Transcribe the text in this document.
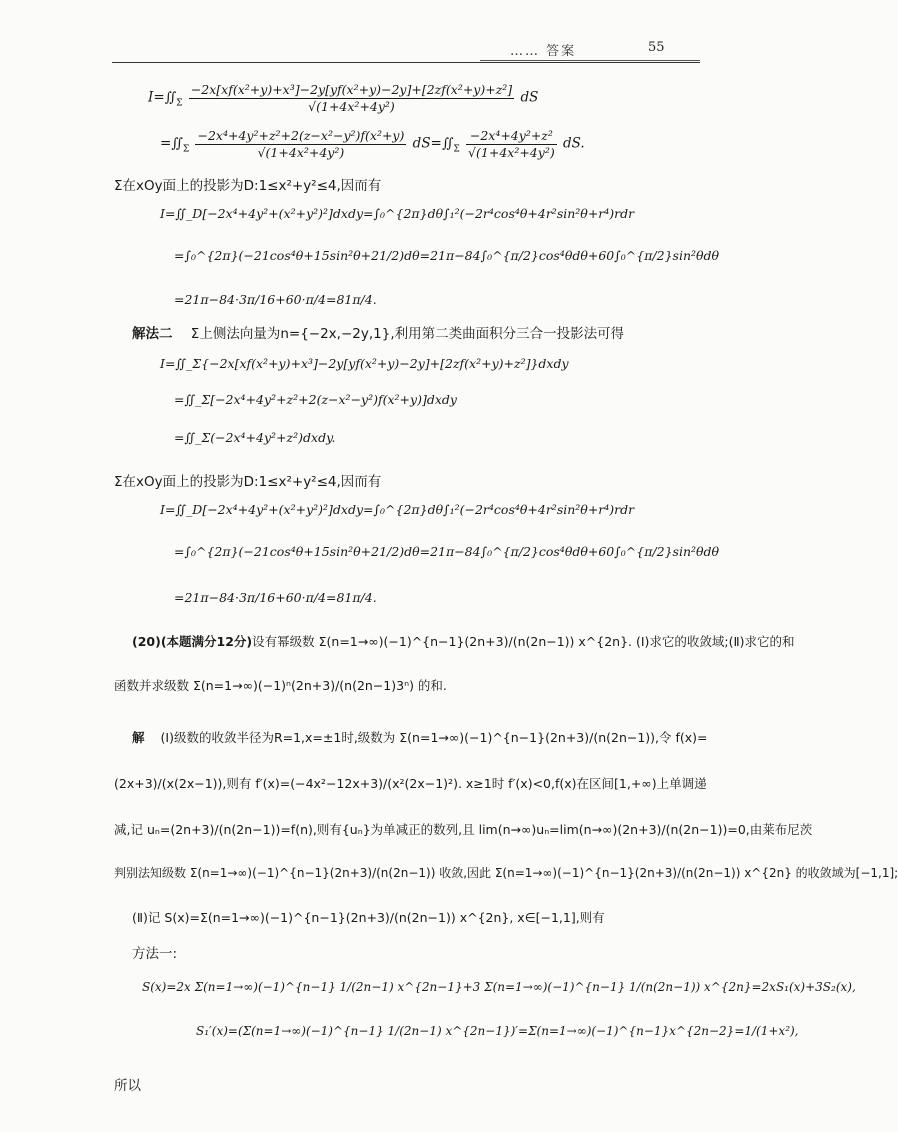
…… 答案	55
$I=∬_\Sigma \frac{\text{−2x[xf(x²+y)+x³]−2y[yf(x²+y)−2y]+[2zf(x²+y)+z²]}}{\text{√(1+4x²+4y²)}}$ dS
$=∬_\Sigma \frac{\text{−2x⁴+4y²+z²+2(z−x²−y²)f(x²+y)}}{\text{√(1+4x²+4y²)}}$ $dS=∬_\Sigma \frac{\text{−2x⁴+4y²+z²}}{\text{√(1+4x²+4y²)}}$ dS.
Σ在xOy面上的投影为D:1≤x²+y²≤4,因而有
I=∬_D[−2x⁴+4y²+(x²+y²)²]dxdy=∫₀^{2π}dθ∫₁²(−2r⁴cos⁴θ+4r²sin²θ+r⁴)rdr
=∫₀^{2π}(−21cos⁴θ+15sin²θ+21/2)dθ=21π−84∫₀^{π/2}cos⁴θdθ+60∫₀^{π/2}sin²θdθ
=21π−84·3π/16+60·π/4=81π/4.
解法二 Σ上侧法向量为n={−2x,−2y,1},利用第二类曲面积分三合一投影法可得
I=∬_Σ{−2x[xf(x²+y)+x³]−2y[yf(x²+y)−2y]+[2zf(x²+y)+z²]}dxdy
=∬_Σ[−2x⁴+4y²+z²+2(z−x²−y²)f(x²+y)]dxdy
=∬_Σ(−2x⁴+4y²+z²)dxdy.
Σ在xOy面上的投影为D:1≤x²+y²≤4,因而有
I=∬_D[−2x⁴+4y²+(x²+y²)²]dxdy=∫₀^{2π}dθ∫₁²(−2r⁴cos⁴θ+4r²sin²θ+r⁴)rdr
=∫₀^{2π}(−21cos⁴θ+15sin²θ+21/2)dθ=21π−84∫₀^{π/2}cos⁴θdθ+60∫₀^{π/2}sin²θdθ
=21π−84·3π/16+60·π/4=81π/4.
(20)(本题满分12分)设有幂级数 Σ(n=1→∞)(−1)^{n−1}(2n+3)/(n(2n−1)) x^{2n}. (Ⅰ)求它的收敛域;(Ⅱ)求它的和
函数并求级数 Σ(n=1→∞)(−1)ⁿ(2n+3)/(n(2n−1)3ⁿ) 的和.
解 (Ⅰ)级数的收敛半径为R=1,x=±1时,级数为 Σ(n=1→∞)(−1)^{n−1}(2n+3)/(n(2n−1)),令 f(x)=
(2x+3)/(x(2x−1)),则有 f′(x)=(−4x²−12x+3)/(x²(2x−1)²). x≥1时 f′(x)<0,f(x)在区间[1,+∞)上单调递
减,记 uₙ=(2n+3)/(n(2n−1))=f(n),则有{uₙ}为单减正的数列,且 lim(n→∞)uₙ=lim(n→∞)(2n+3)/(n(2n−1))=0,由莱布尼茨
判别法知级数 Σ(n=1→∞)(−1)^{n−1}(2n+3)/(n(2n−1)) 收敛,因此 Σ(n=1→∞)(−1)^{n−1}(2n+3)/(n(2n−1)) x^{2n} 的收敛域为[−1,1];
(Ⅱ)记 S(x)=Σ(n=1→∞)(−1)^{n−1}(2n+3)/(n(2n−1)) x^{2n}, x∈[−1,1],则有
方法一:
S(x)=2x Σ(n=1→∞)(−1)^{n−1} 1/(2n−1) x^{2n−1}+3 Σ(n=1→∞)(−1)^{n−1} 1/(n(2n−1)) x^{2n}=2xS₁(x)+3S₂(x),
S₁′(x)=(Σ(n=1→∞)(−1)^{n−1} 1/(2n−1) x^{2n−1})′=Σ(n=1→∞)(−1)^{n−1}x^{2n−2}=1/(1+x²),
所以
